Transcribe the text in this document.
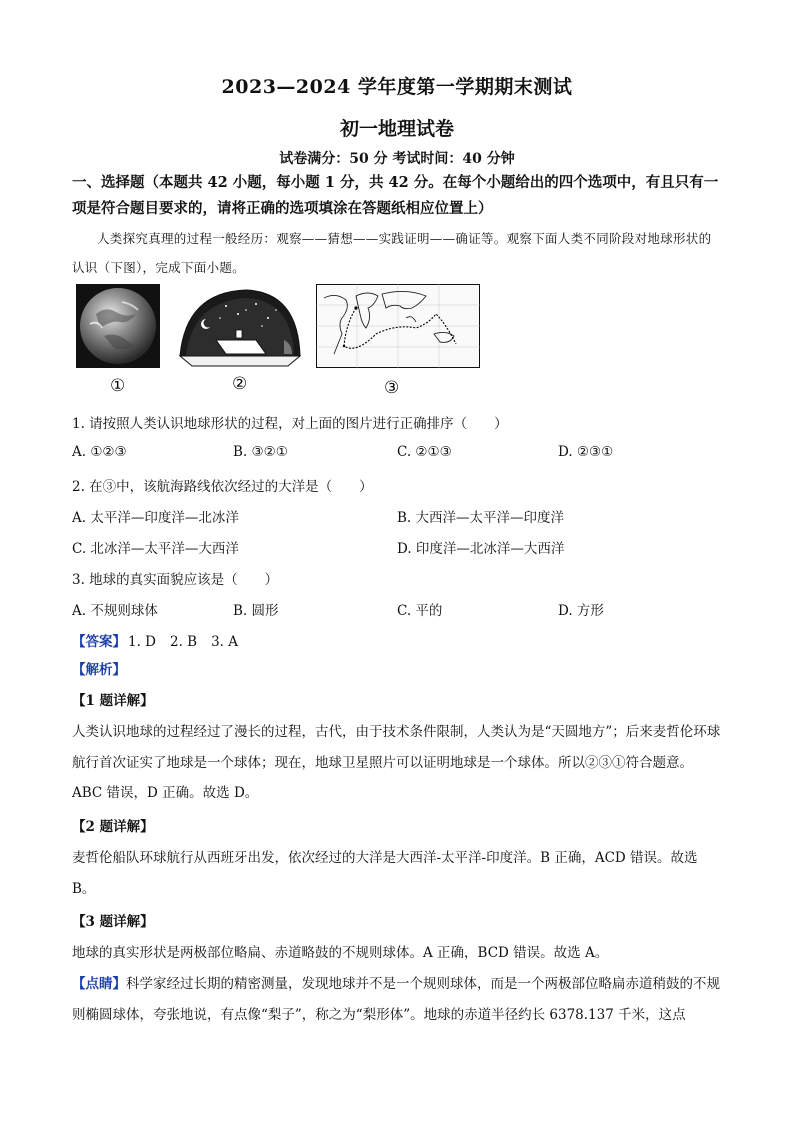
2023—2024 学年度第一学期期末测试
初一地理试卷
试卷满分：50 分 考试时间：40 分钟
一、选择题（本题共 42 小题，每小题 1 分，共 42 分。在每个小题给出的四个选项中，有且只有一项是符合题目要求的，请将正确的选项填涂在答题纸相应位置上）
人类探究真理的过程一般经历：观察——猜想——实践证明——确证等。观察下面人类不同阶段对地球形状的认识（下图），完成下面小题。
①	②	③
1. 请按照人类认识地球形状的过程，对上面的图片进行正确排序（　　）
A. ①②③	B. ③②①	C. ②①③	D. ②③①
2. 在③中，该航海路线依次经过的大洋是（　　）
A. 太平洋—印度洋—北冰洋	B. 大西洋—太平洋—印度洋
C. 北冰洋—太平洋—大西洋	D. 印度洋—北冰洋—大西洋
3. 地球的真实面貌应该是（　　）
A. 不规则球体	B. 圆形	C. 平的	D. 方形
【答案】 1. D 2. B 3. A
【解析】
【1 题详解】
人类认识地球的过程经过了漫长的过程，古代，由于技术条件限制，人类认为是“天圆地方”；后来麦哲伦环球航行首次证实了地球是一个球体；现在，地球卫星照片可以证明地球是一个球体。所以②③①符合题意。ABC 错误，D 正确。故选 D。
【2 题详解】
麦哲伦船队环球航行从西班牙出发，依次经过的大洋是大西洋-太平洋-印度洋。B 正确，ACD 错误。故选 B。
【3 题详解】
地球的真实形状是两极部位略扁、赤道略鼓的不规则球体。A 正确，BCD 错误。故选 A。
【点睛】科学家经过长期的精密测量，发现地球并不是一个规则球体，而是一个两极部位略扁赤道稍鼓的不规则椭圆球体，夸张地说，有点像“梨子”，称之为“梨形体”。地球的赤道半径约长 6378.137 千米，这点
